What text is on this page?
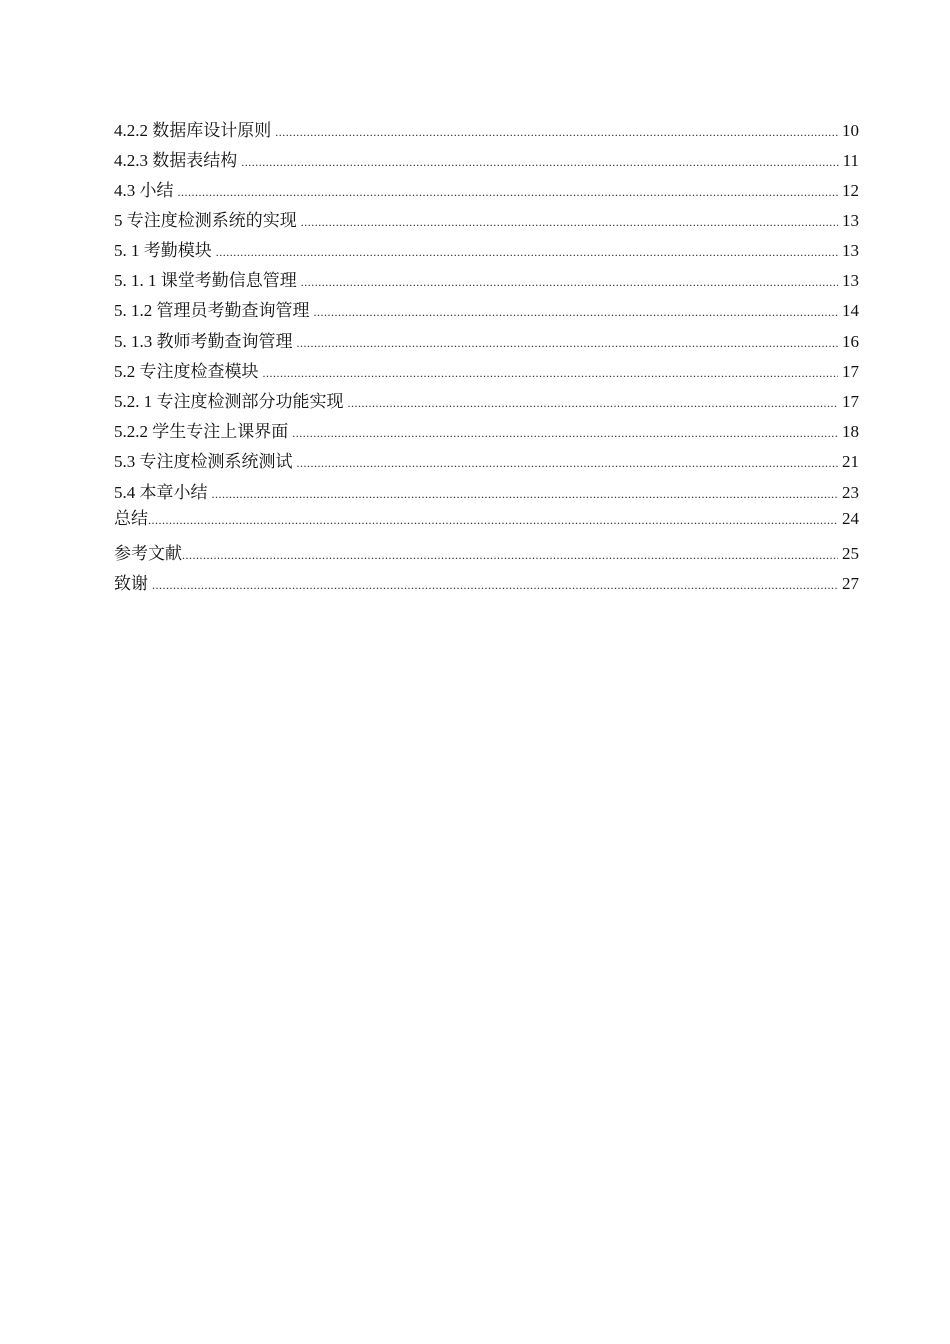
4.2.2 数据库设计原则 .....	10
4.2.3 数据表结构 .....	11
4.3 小结 .....	12
5 专注度检测系统的实现 .....	13
5. 1 考勤模块 .....	13
5. 1. 1 课堂考勤信息管理 .....	13
5. 1.2 管理员考勤查询管理 .....	14
5. 1.3 教师考勤查询管理 .....	16
5.2 专注度检查模块 .....	17
5.2. 1 专注度检测部分功能实现 .....	17
5.2.2 学生专注上课界面 .....	18
5.3 专注度检测系统测试 .....	21
5.4 本章小结 .....	23
总结 .....	24
参考文献 .....	25
致谢 .....	27
